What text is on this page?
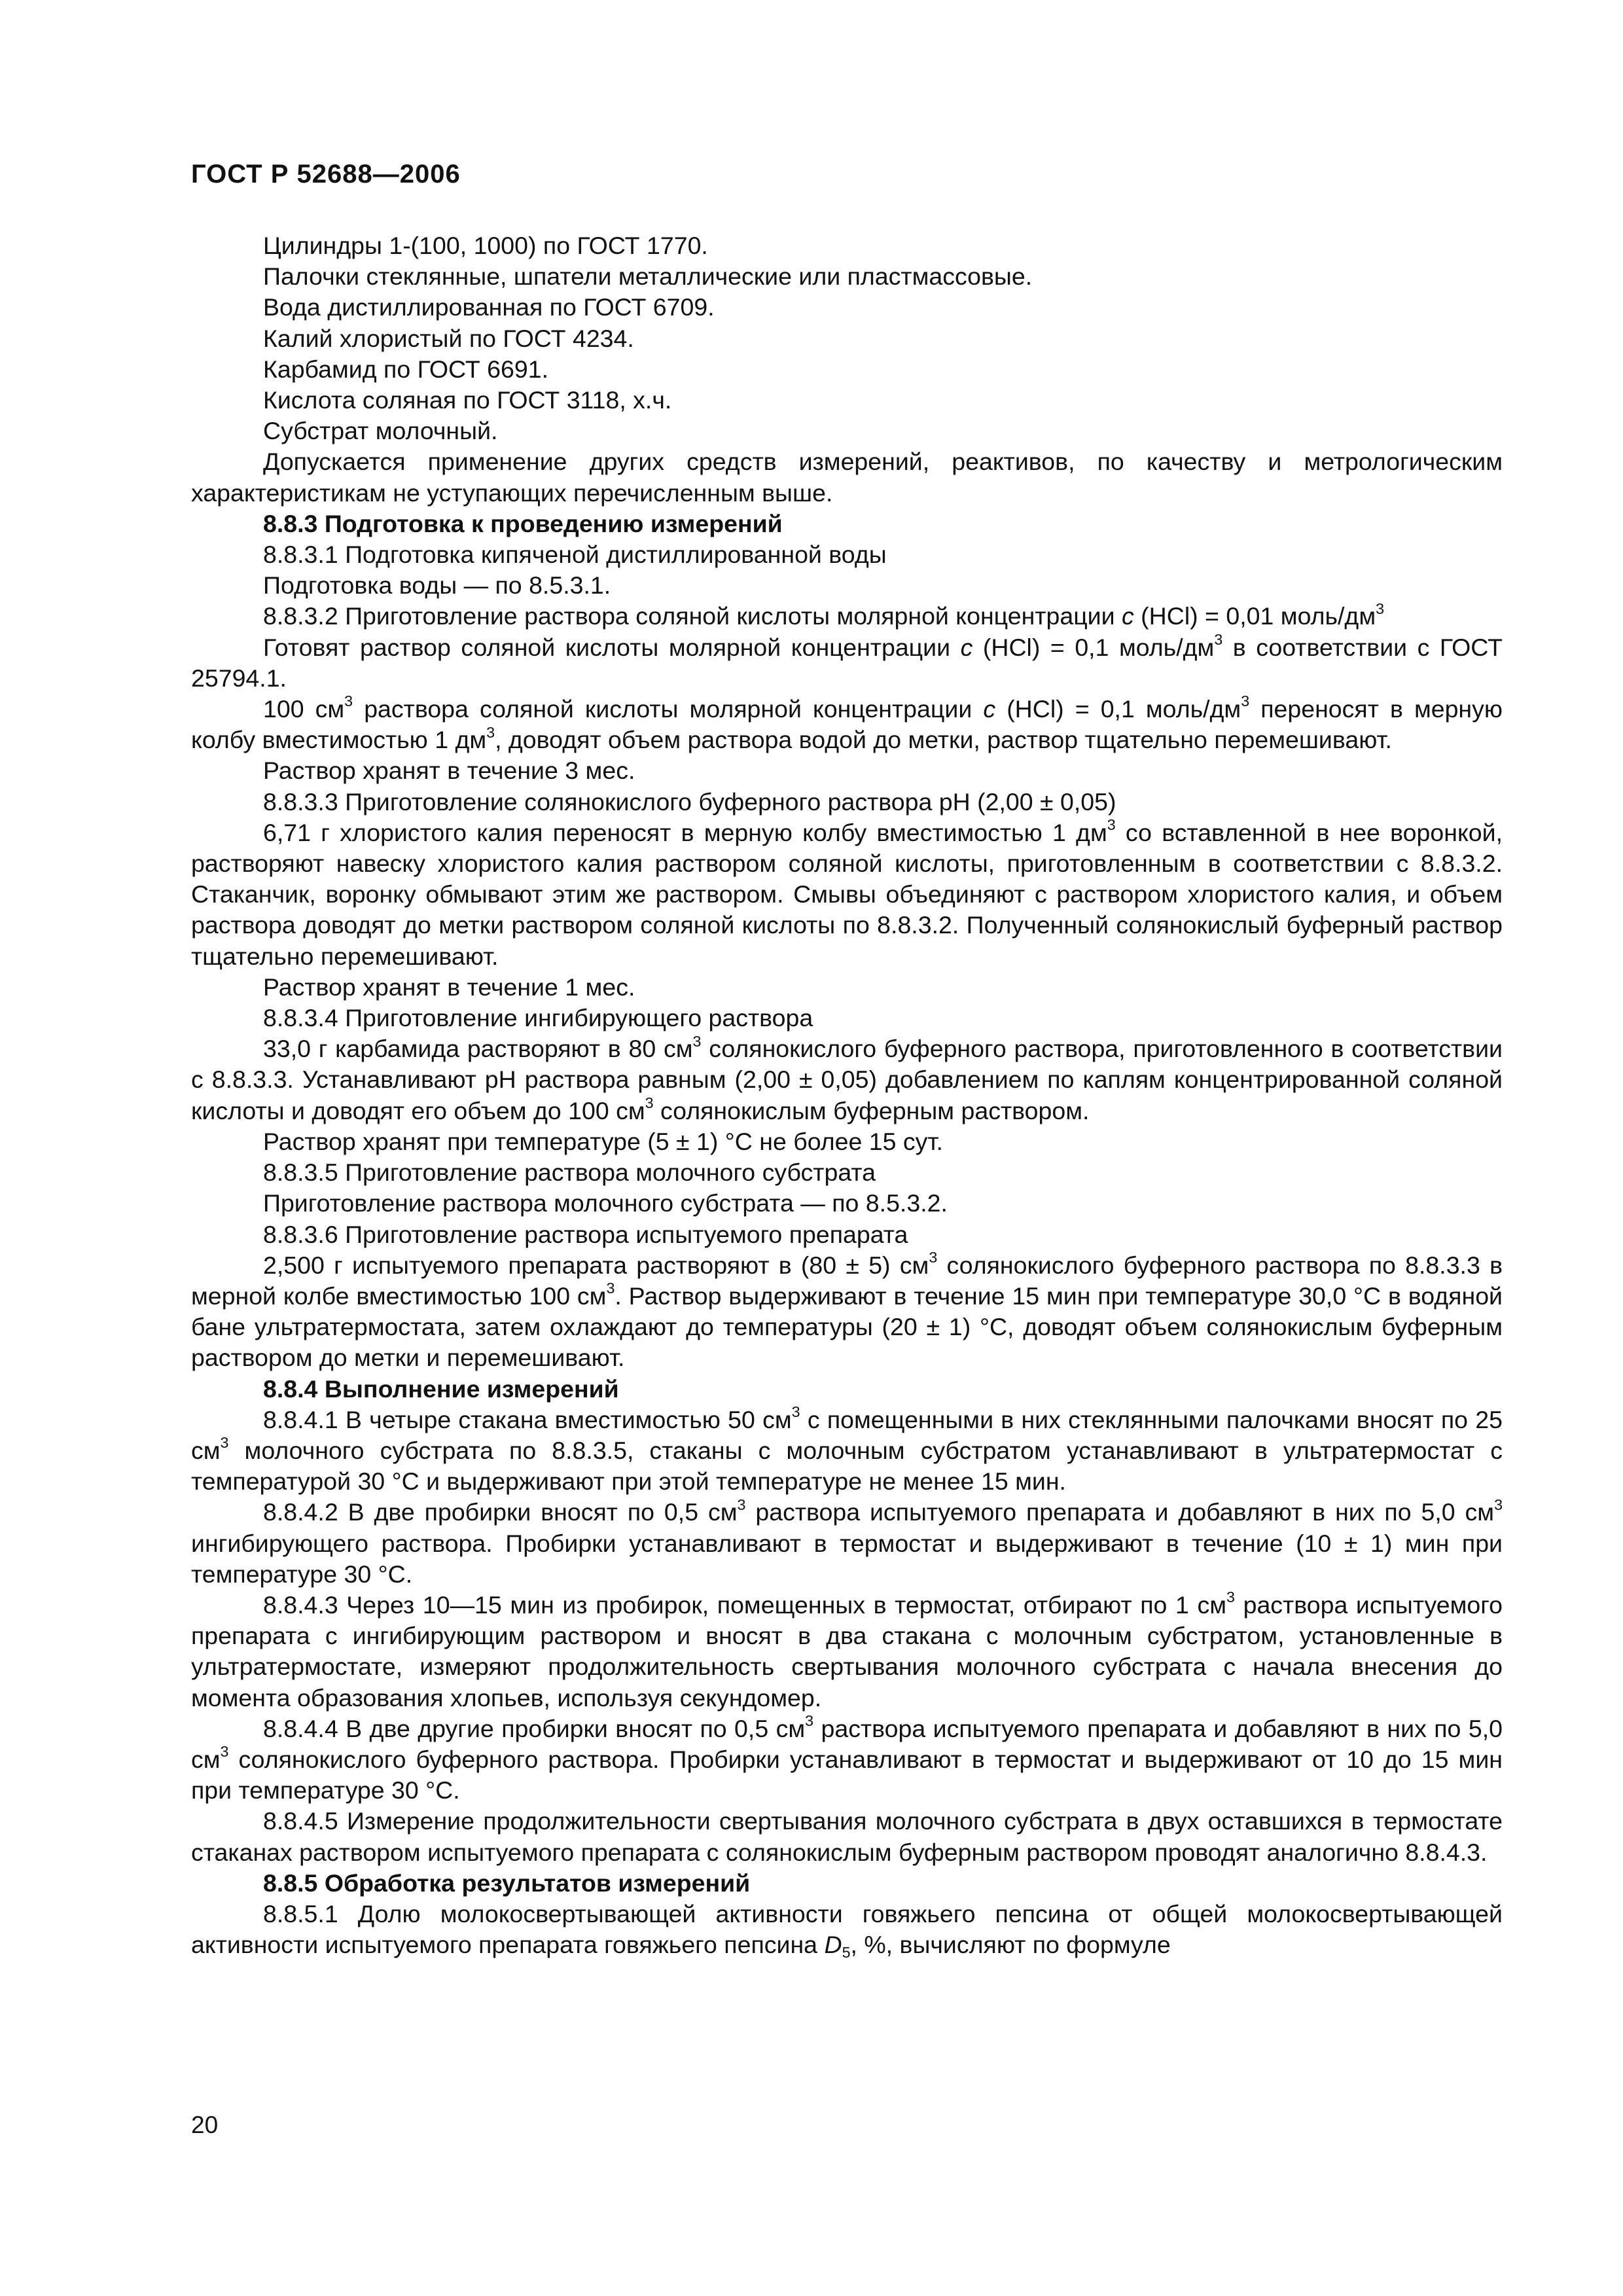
ГОСТ Р 52688—2006

Цилиндры 1-(100, 1000) по ГОСТ 1770.

Палочки стеклянные, шпатели металлические или пластмассовые.

Вода дистиллированная по ГОСТ 6709.

Калий хлористый по ГОСТ 4234.

Карбамид по ГОСТ 6691.

Кислота соляная по ГОСТ 3118, х.ч.

Субстрат молочный.

Допускается применение других средств измерений, реактивов, по качеству и метрологическим характеристикам не уступающих перечисленным выше.

8.8.3 Подготовка к проведению измерений

8.8.3.1 Подготовка кипяченой дистиллированной воды

Подготовка воды — по 8.5.3.1.

8.8.3.2 Приготовление раствора соляной кислоты молярной концентрации c (HCl) = 0,01 моль/$дм^3$

Готовят раствор соляной кислоты молярной концентрации c (HCl) = 0,1 моль/$дм^3$ в соответствии с ГОСТ 25794.1.

100 $см^3$ раствора соляной кислоты молярной концентрации c (HCl) = 0,1 моль/$дм^3$ переносят в мерную колбу вместимостью 1 $дм^3$, доводят объем раствора водой до метки, раствор тщательно перемешивают.

Раствор хранят в течение 3 мес.

8.8.3.3 Приготовление солянокислого буферного раствора pH (2,00 ± 0,05)

6,71 г хлористого калия переносят в мерную колбу вместимостью 1 $дм^3$ со вставленной в нее воронкой, растворяют навеску хлористого калия раствором соляной кислоты, приготовленным в соответствии с 8.8.3.2. Стаканчик, воронку обмывают этим же раствором. Смывы объединяют с раствором хлористого калия, и объем раствора доводят до метки раствором соляной кислоты по 8.8.3.2. Полученный солянокислый буферный раствор тщательно перемешивают.

Раствор хранят в течение 1 мес.

8.8.3.4 Приготовление ингибирующего раствора

33,0 г карбамида растворяют в 80 $см^3$ солянокислого буферного раствора, приготовленного в соответствии с 8.8.3.3. Устанавливают pH раствора равным (2,00 ± 0,05) добавлением по каплям концентрированной соляной кислоты и доводят его объем до 100 $см^3$ солянокислым буферным раствором.

Раствор хранят при температуре (5 ± 1) °С не более 15 сут.

8.8.3.5 Приготовление раствора молочного субстрата

Приготовление раствора молочного субстрата — по 8.5.3.2.

8.8.3.6 Приготовление раствора испытуемого препарата

2,500 г испытуемого препарата растворяют в (80 ± 5) $см^3$ солянокислого буферного раствора по 8.8.3.3 в мерной колбе вместимостью 100 $см^3$. Раствор выдерживают в течение 15 мин при температуре 30,0 °С в водяной бане ультратермостата, затем охлаждают до температуры (20 ± 1) °С, доводят объем солянокислым буферным раствором до метки и перемешивают.

8.8.4 Выполнение измерений

8.8.4.1 В четыре стакана вместимостью 50 $см^3$ с помещенными в них стеклянными палочками вносят по 25 $см^3$ молочного субстрата по 8.8.3.5, стаканы с молочным субстратом устанавливают в ультратермостат с температурой 30 °С и выдерживают при этой температуре не менее 15 мин.

8.8.4.2 В две пробирки вносят по 0,5 $см^3$ раствора испытуемого препарата и добавляют в них по 5,0 $см^3$ ингибирующего раствора. Пробирки устанавливают в термостат и выдерживают в течение (10 ± 1) мин при температуре 30 °С.

8.8.4.3 Через 10—15 мин из пробирок, помещенных в термостат, отбирают по 1 $см^3$ раствора испытуемого препарата с ингибирующим раствором и вносят в два стакана с молочным субстратом, установленные в ультратермостате, измеряют продолжительность свертывания молочного субстрата с начала внесения до момента образования хлопьев, используя секундомер.

8.8.4.4 В две другие пробирки вносят по 0,5 $см^3$ раствора испытуемого препарата и добавляют в них по 5,0 $см^3$ солянокислого буферного раствора. Пробирки устанавливают в термостат и выдерживают от 10 до 15 мин при температуре 30 °С.

8.8.4.5 Измерение продолжительности свертывания молочного субстрата в двух оставшихся в термостате стаканах раствором испытуемого препарата с солянокислым буферным раствором проводят аналогично 8.8.4.3.

8.8.5 Обработка результатов измерений

8.8.5.1 Долю молокосвертывающей активности говяжьего пепсина от общей молокосвертывающей активности испытуемого препарата говяжьего пепсина $D_5$, %, вычисляют по формуле

20
